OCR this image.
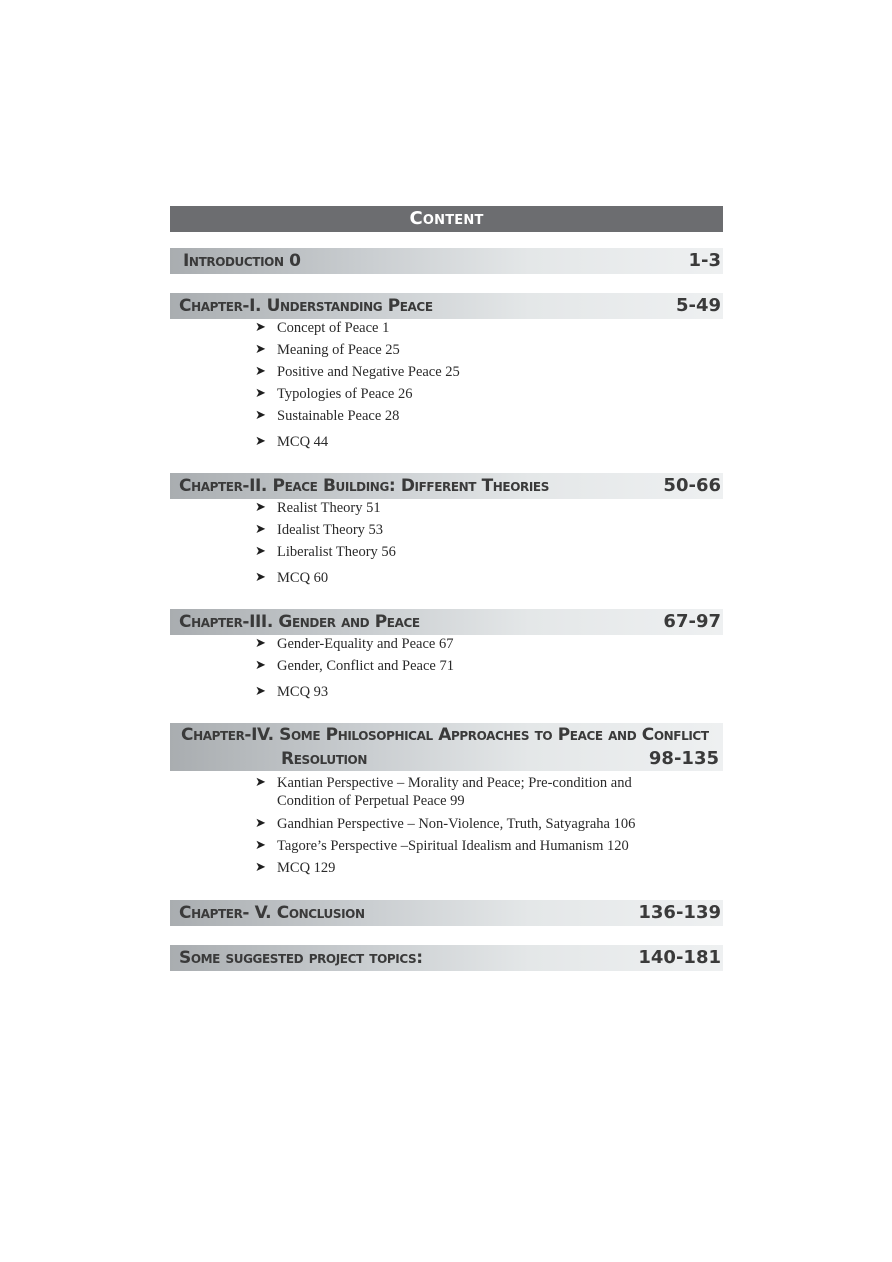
Content
Introduction 0	1-3
Chapter-I. Understanding Peace	5-49
➤ Concept of Peace 1
➤ Meaning of Peace 25
➤ Positive and Negative Peace 25
➤ Typologies of Peace 26
➤ Sustainable Peace 28
➤ MCQ 44
Chapter-II. Peace Building: Different Theories	50-66
➤ Realist Theory 51
➤ Idealist Theory 53
➤ Liberalist Theory 56
➤ MCQ 60
Chapter-III. Gender and Peace	67-97
➤ Gender-Equality and Peace 67
➤ Gender, Conflict and Peace 71
➤ MCQ 93
Chapter-IV. Some Philosophical Approaches to Peace and Conflict
Resolution	98-135
➤ Kantian Perspective – Morality and Peace; Pre-condition and Condition of Perpetual Peace 99
➤ Gandhian Perspective – Non-Violence, Truth, Satyagraha 106
➤ Tagore’s Perspective –Spiritual Idealism and Humanism 120
➤ MCQ 129
Chapter- V. Conclusion	136-139
Some suggested project topics:	140-181
